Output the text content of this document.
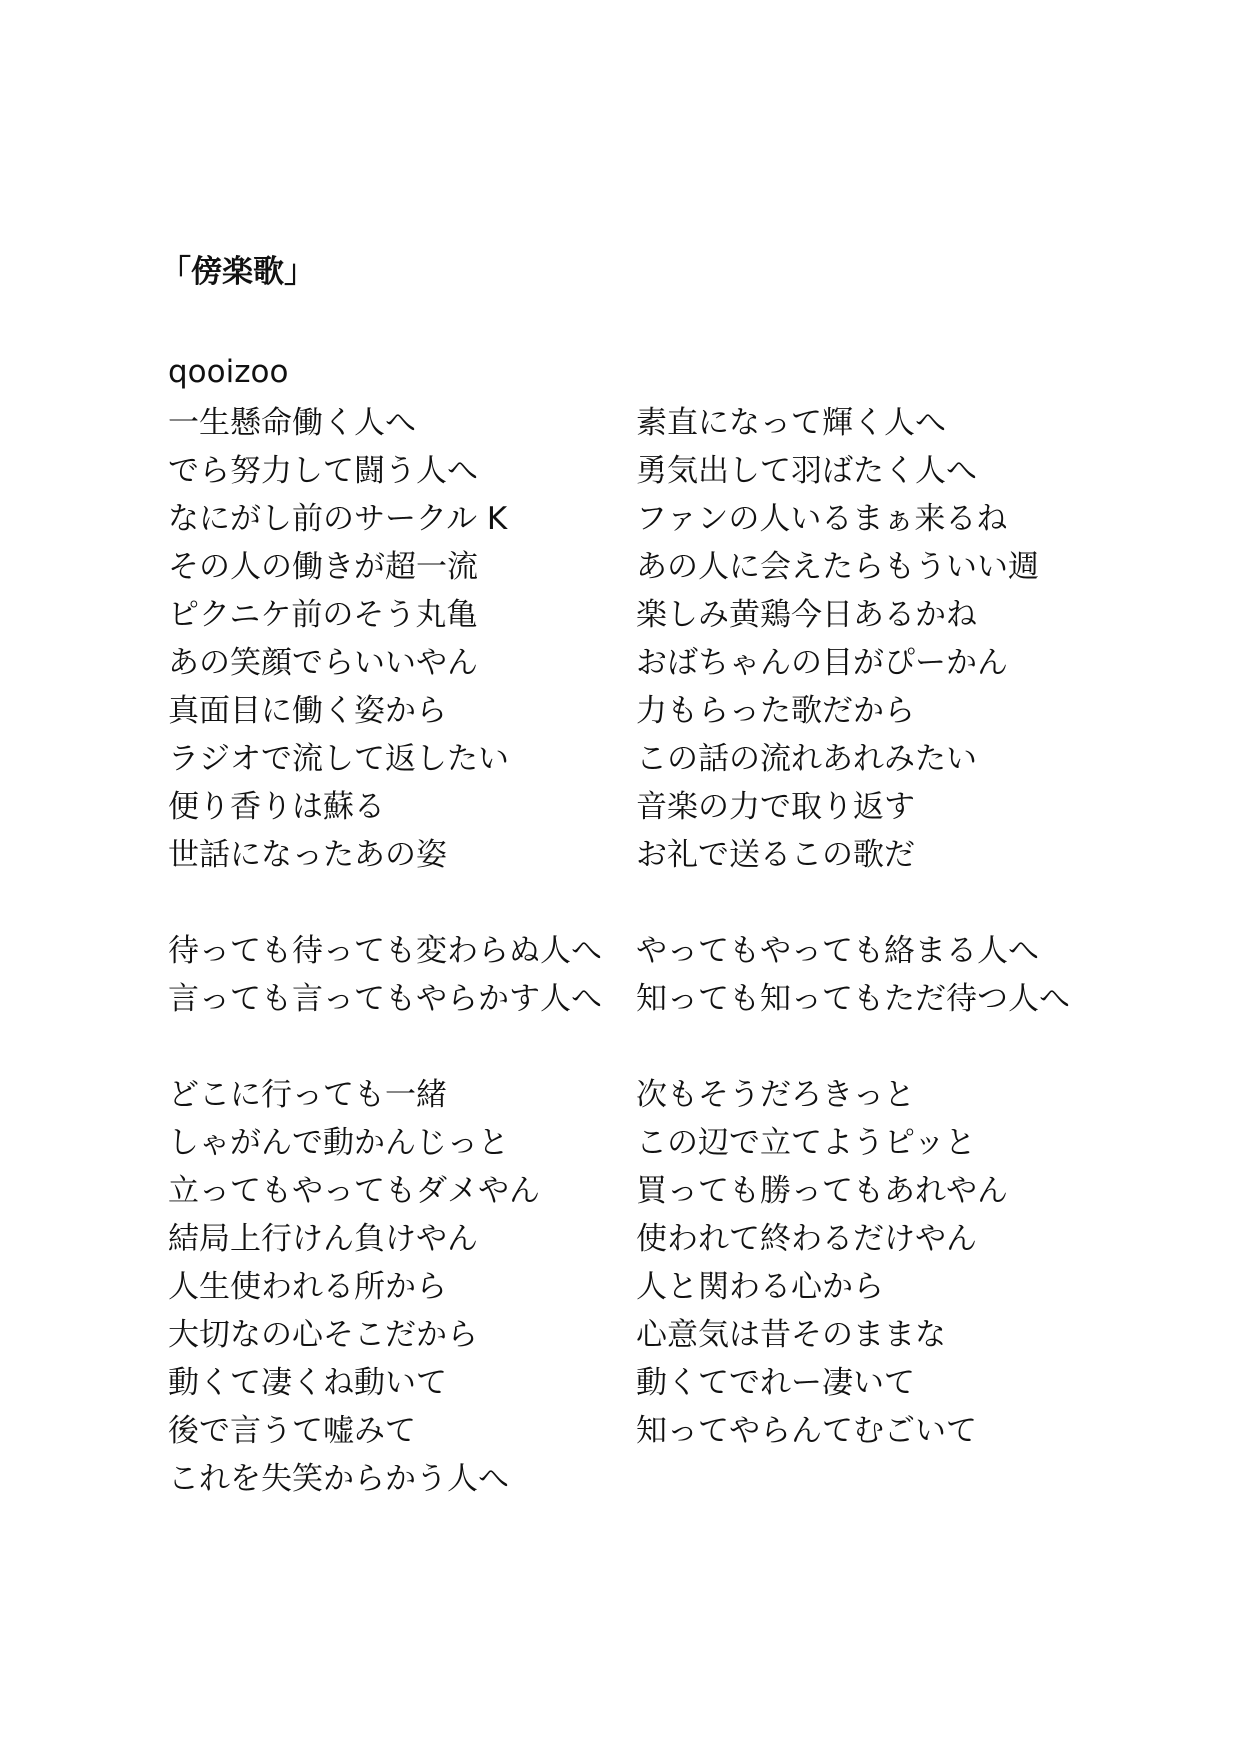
「傍楽歌」
qooizoo
一生懸命働く人へ
でら努力して闘う人へ
なにがし前のサークル K
その人の働きが超一流
ピクニケ前のそう丸亀
あの笑顔でらいいやん
真面目に働く姿から
ラジオで流して返したい
便り香りは蘇る
世話になったあの姿
待っても待っても変わらぬ人へ
言っても言ってもやらかす人へ
どこに行っても一緒
しゃがんで動かんじっと
立ってもやってもダメやん
結局上行けん負けやん
人生使われる所から
大切なの心そこだから
動くて凄くね動いて
後で言うて嘘みて
これを失笑からかう人へ
素直になって輝く人へ
勇気出して羽ばたく人へ
ファンの人いるまぁ来るね
あの人に会えたらもういい週
楽しみ黄鶏今日あるかね
おばちゃんの目がぴーかん
力もらった歌だから
この話の流れあれみたい
音楽の力で取り返す
お礼で送るこの歌だ
やってもやっても絡まる人へ
知っても知ってもただ待つ人へ
次もそうだろきっと
この辺で立てようピッと
買っても勝ってもあれやん
使われて終わるだけやん
人と関わる心から
心意気は昔そのままな
動くてでれー凄いて
知ってやらんてむごいて
